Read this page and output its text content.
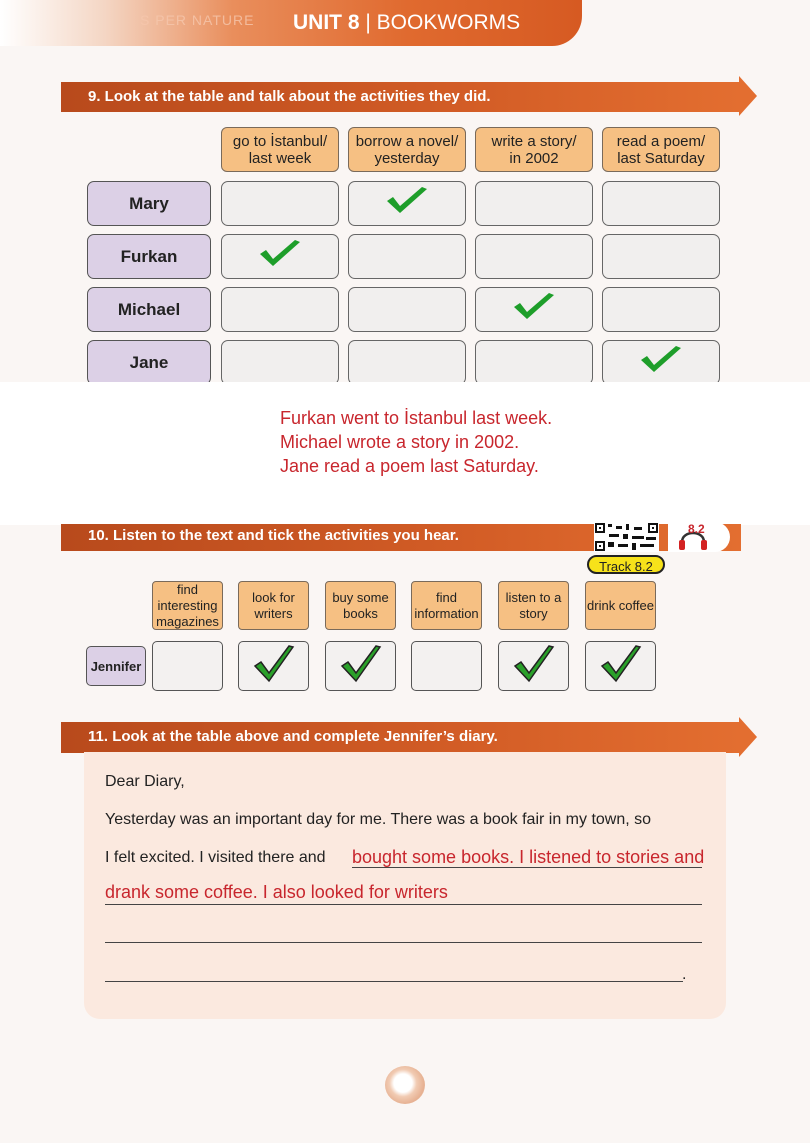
S PER NATURE UNIT 8 | BOOKWORMS
9. Look at the table and talk about the activities they did.
go to İstanbul/
last week
borrow a novel/
yesterday
write a story/
in 2002
read a poem/
last Saturday
Mary
Furkan
Michael
Jane
Furkan went to İstanbul last week.
Michael wrote a story in 2002.
Jane read a poem last Saturday.
10. Listen to the text and tick the activities you hear.	8.2
Track 8.2
find
interesting
magazines
look for
writers
buy some
books
find
information
listen to a
story
drink coffee
Jennifer
11. Look at the table above and complete Jennifer’s diary.
Dear Diary,
Yesterday was an important day for me. There was a book fair in my town, so
I felt excited. I visited there and bought some books. I listened to stories and
drank some coffee. I also looked for writers
.
